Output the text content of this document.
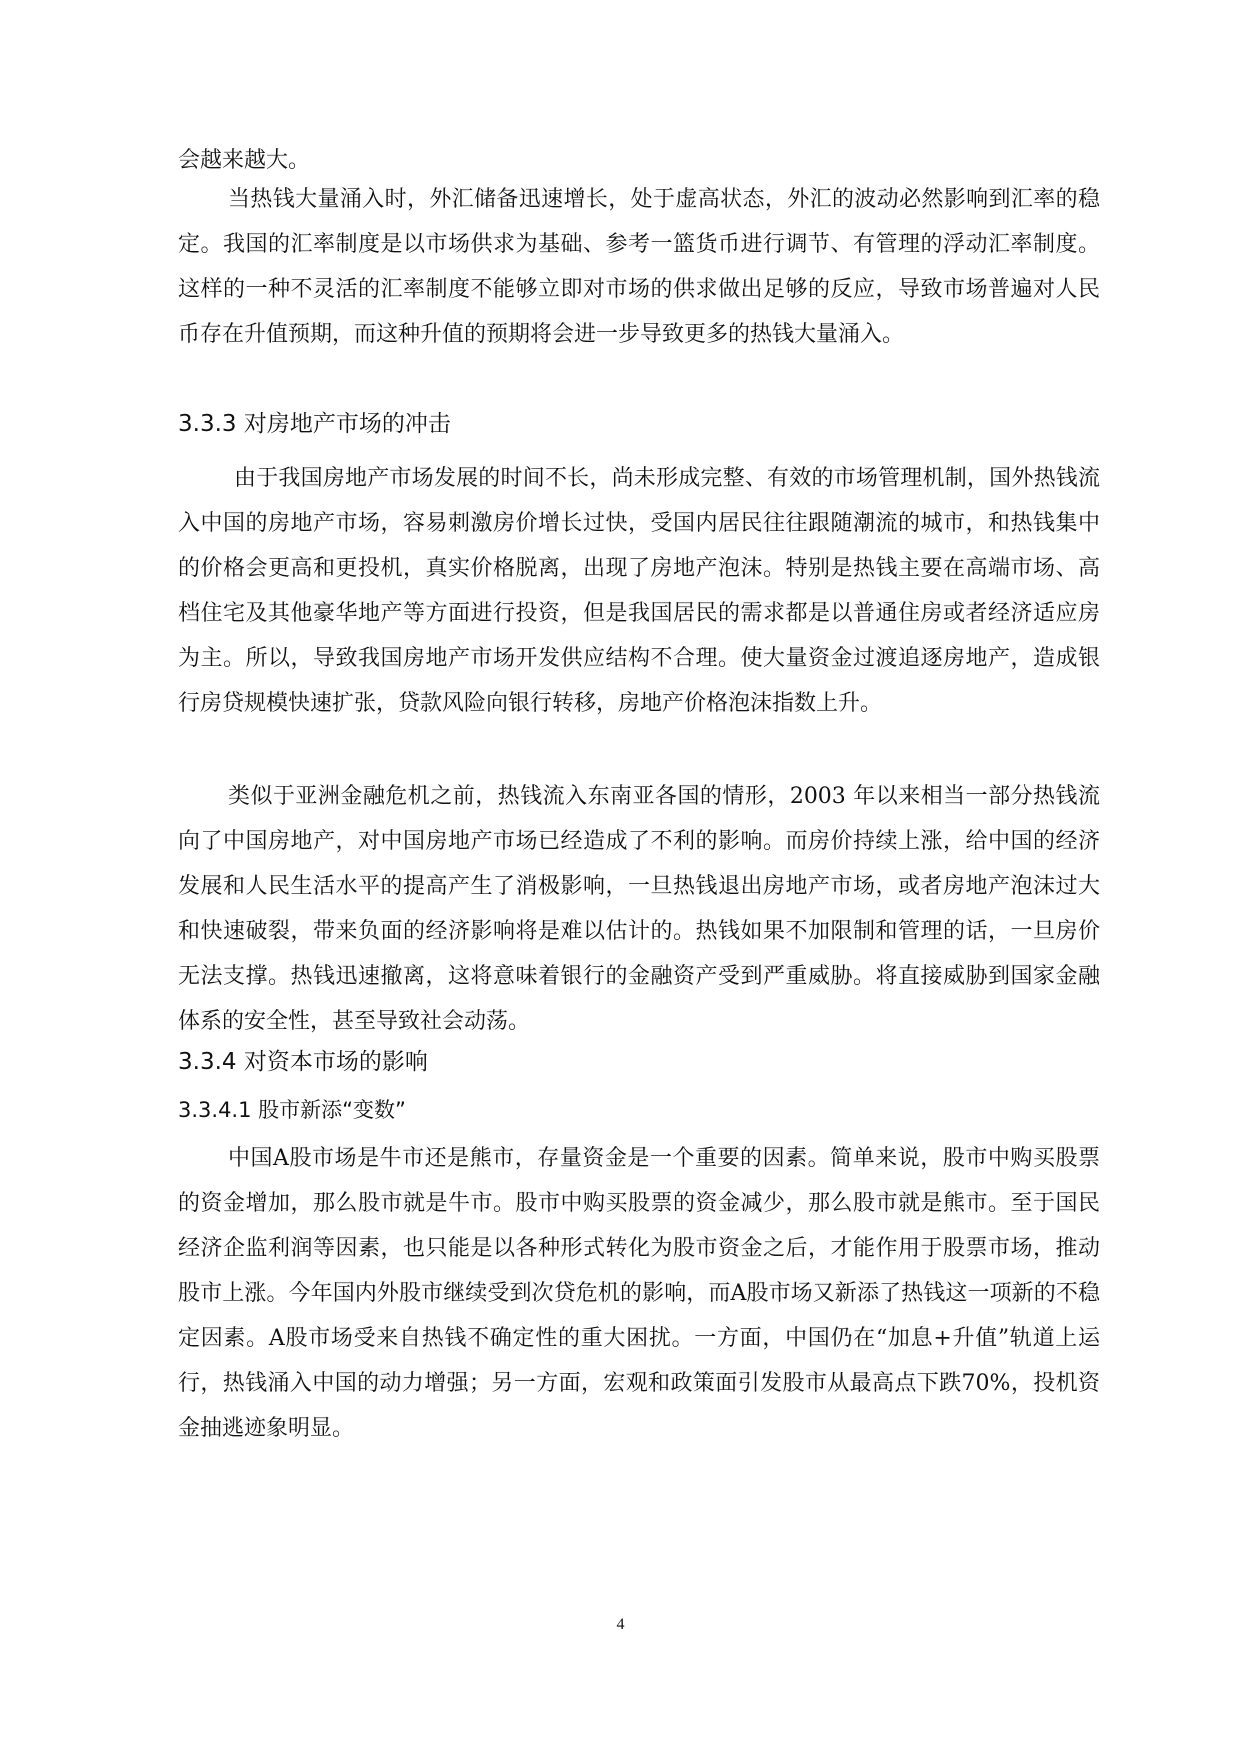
会越来越大。
当热钱大量涌入时，外汇储备迅速增长，处于虚高状态，外汇的波动必然影响到汇率的稳定。我国的汇率制度是以市场供求为基础、参考一篮货币进行调节、有管理的浮动汇率制度。这样的一种不灵活的汇率制度不能够立即对市场的供求做出足够的反应，导致市场普遍对人民币存在升值预期，而这种升值的预期将会进一步导致更多的热钱大量涌入。
3.3.3 对房地产市场的冲击
由于我国房地产市场发展的时间不长，尚未形成完整、有效的市场管理机制，国外热钱流入中国的房地产市场，容易刺激房价增长过快，受国内居民往往跟随潮流的城市，和热钱集中的价格会更高和更投机，真实价格脱离，出现了房地产泡沫。特别是热钱主要在高端市场、高档住宅及其他豪华地产等方面进行投资，但是我国居民的需求都是以普通住房或者经济适应房为主。所以，导致我国房地产市场开发供应结构不合理。使大量资金过渡追逐房地产，造成银行房贷规模快速扩张，贷款风险向银行转移，房地产价格泡沫指数上升。
类似于亚洲金融危机之前，热钱流入东南亚各国的情形，2003 年以来相当一部分热钱流向了中国房地产，对中国房地产市场已经造成了不利的影响。而房价持续上涨，给中国的经济发展和人民生活水平的提高产生了消极影响，一旦热钱退出房地产市场，或者房地产泡沫过大和快速破裂，带来负面的经济影响将是难以估计的。热钱如果不加限制和管理的话，一旦房价无法支撑。热钱迅速撤离，这将意味着银行的金融资产受到严重威胁。将直接威胁到国家金融体系的安全性，甚至导致社会动荡。
3.3.4 对资本市场的影响
3.3.4.1 股市新添“变数”
中国A股市场是牛市还是熊市，存量资金是一个重要的因素。简单来说，股市中购买股票的资金增加，那么股市就是牛市。股市中购买股票的资金减少，那么股市就是熊市。至于国民经济企监利润等因素，也只能是以各种形式转化为股市资金之后，才能作用于股票市场，推动股市上涨。今年国内外股市继续受到次贷危机的影响，而A股市场又新添了热钱这一项新的不稳定因素。A股市场受来自热钱不确定性的重大困扰。一方面，中国仍在“加息+升值”轨道上运行，热钱涌入中国的动力增强；另一方面，宏观和政策面引发股市从最高点下跌70%，投机资金抽逃迹象明显。
4
